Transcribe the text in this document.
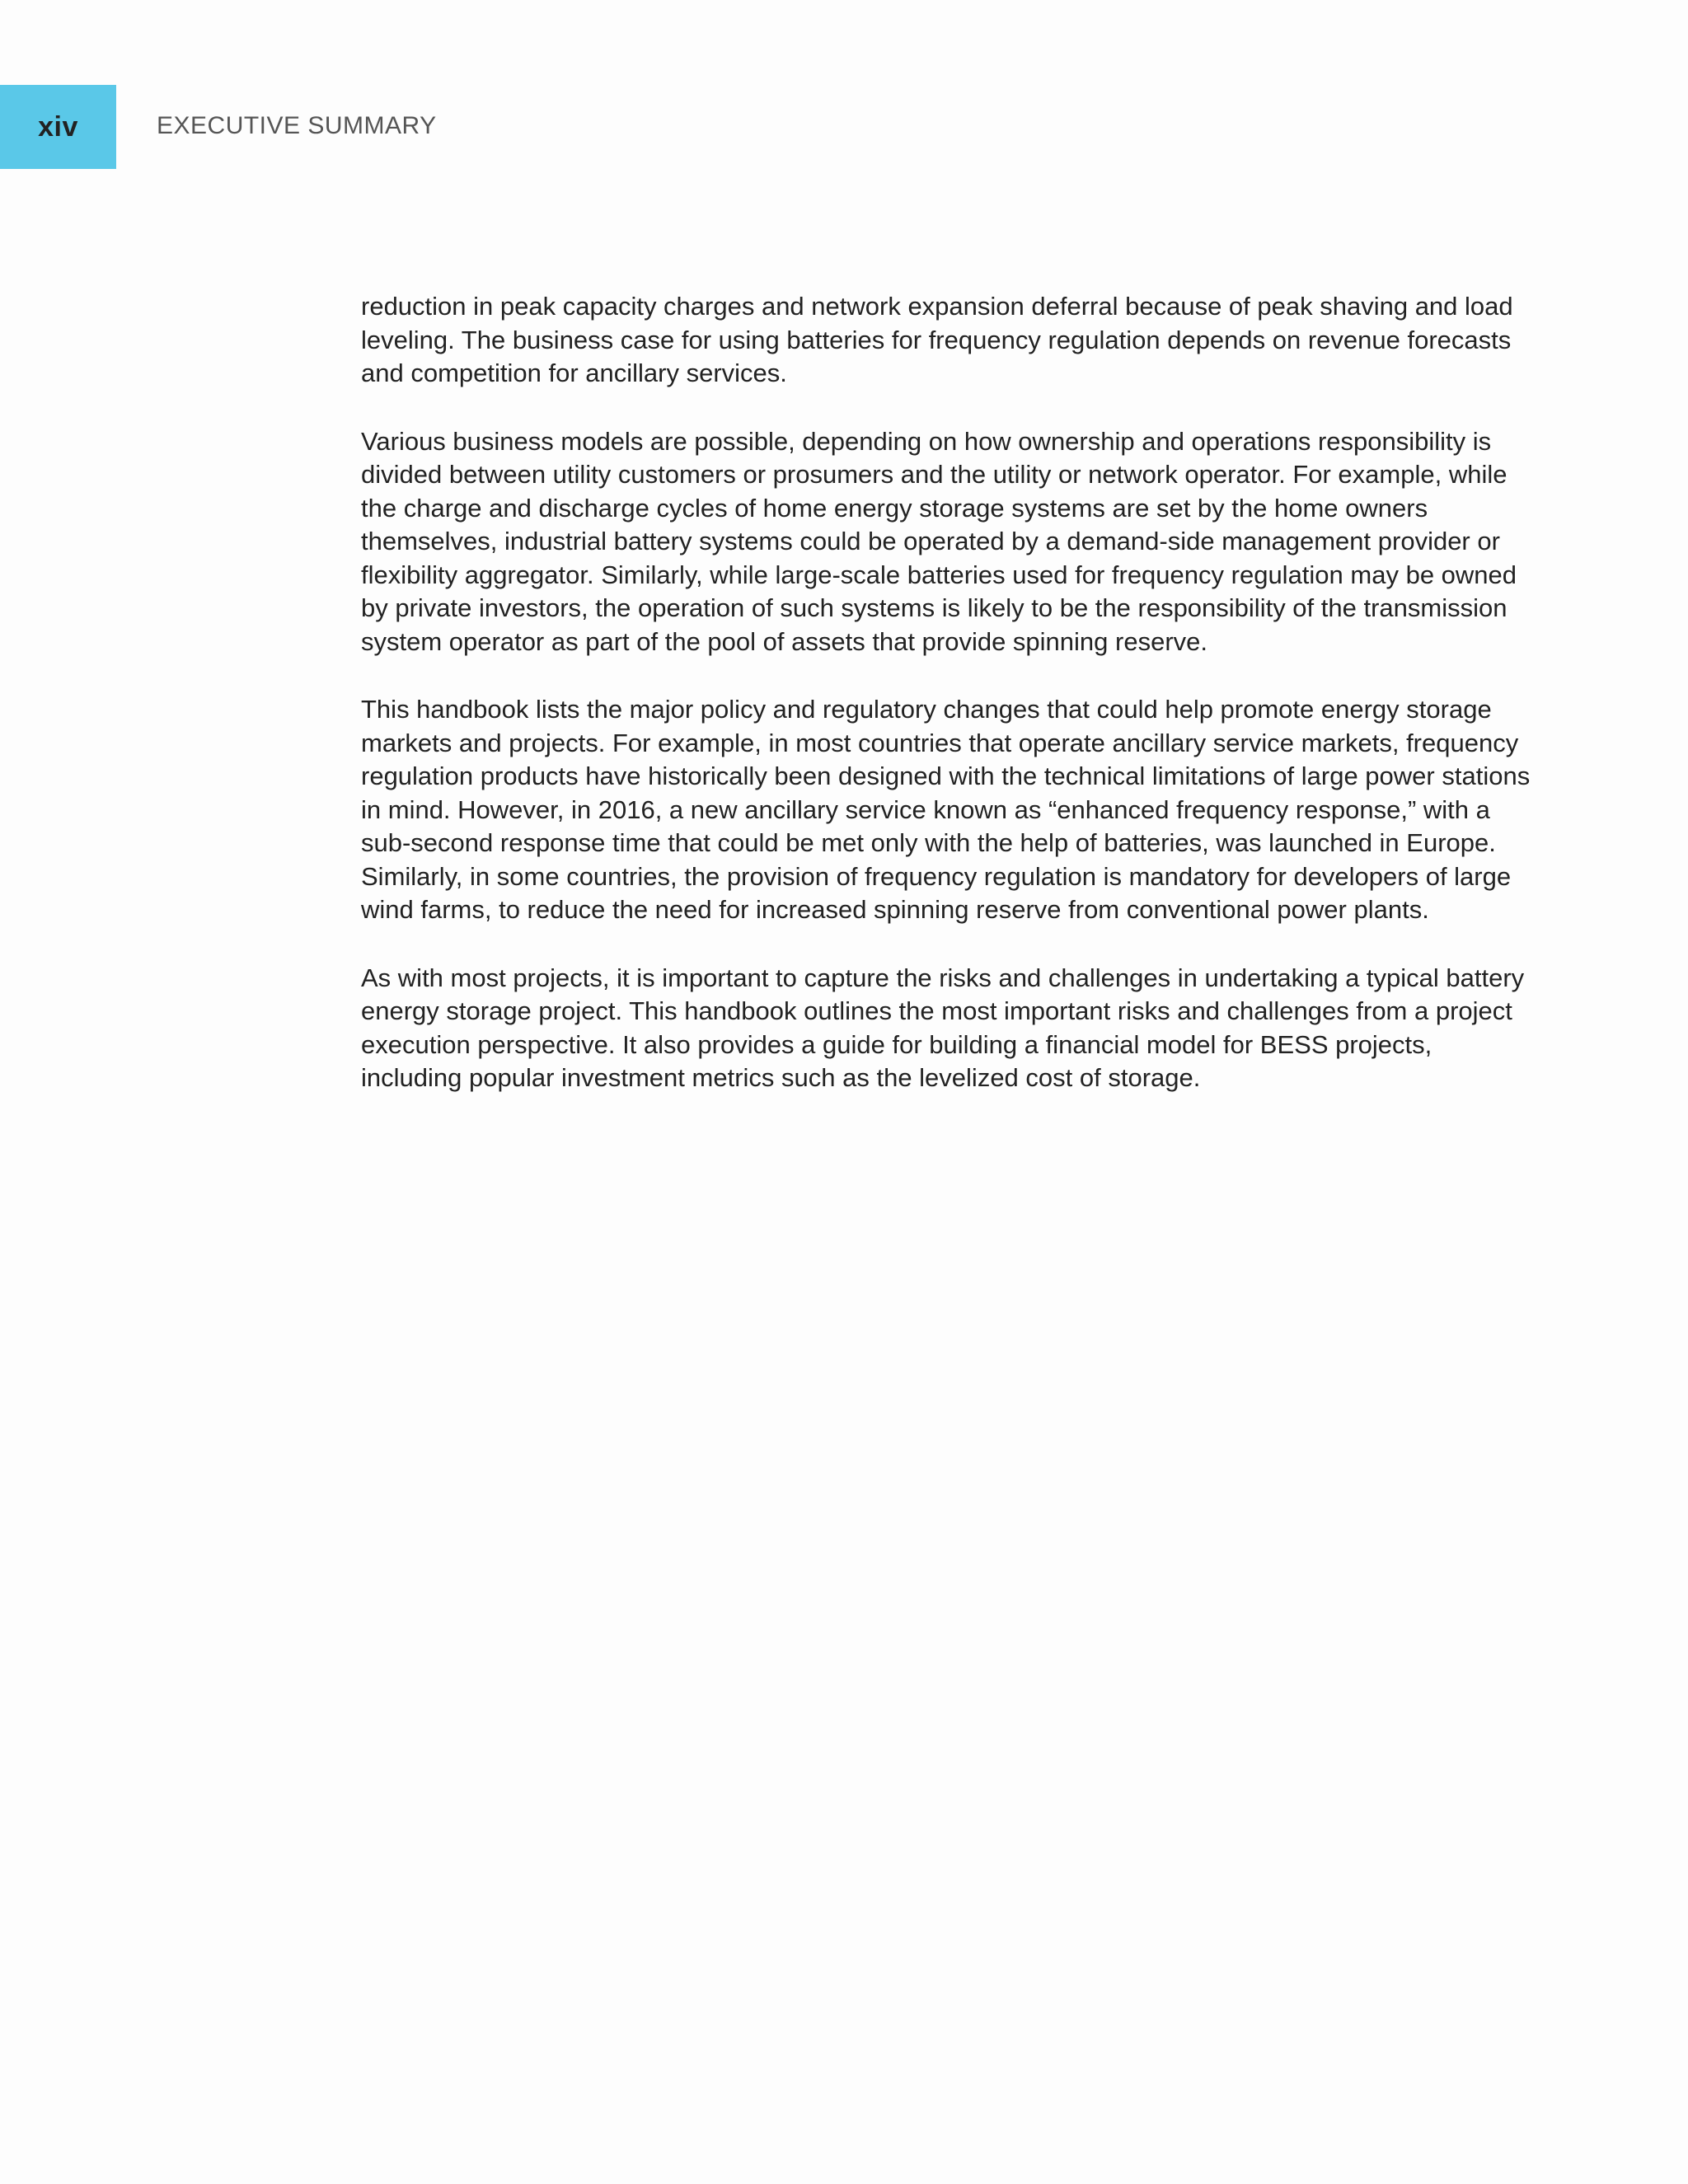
xiv	EXECUTIVE SUMMARY

reduction in peak capacity charges and network expansion deferral because of peak shaving and load leveling. The business case for using batteries for frequency regulation depends on revenue forecasts and competition for ancillary services.

Various business models are possible, depending on how ownership and operations responsibility is divided between utility customers or prosumers and the utility or network operator. For example, while the charge and discharge cycles of home energy storage systems are set by the home owners themselves, industrial battery systems could be operated by a demand-side management provider or flexibility aggregator. Similarly, while large-scale batteries used for frequency regulation may be owned by private investors, the operation of such systems is likely to be the responsibility of the transmission system operator as part of the pool of assets that provide spinning reserve.

This handbook lists the major policy and regulatory changes that could help promote energy storage markets and projects. For example, in most countries that operate ancillary service markets, frequency regulation products have historically been designed with the technical limitations of large power stations in mind. However, in 2016, a new ancillary service known as “enhanced frequency response,” with a sub-second response time that could be met only with the help of batteries, was launched in Europe. Similarly, in some countries, the provision of frequency regulation is mandatory for developers of large wind farms, to reduce the need for increased spinning reserve from conventional power plants.

As with most projects, it is important to capture the risks and challenges in undertaking a typical battery energy storage project. This handbook outlines the most important risks and challenges from a project execution perspective. It also provides a guide for building a financial model for BESS projects, including popular investment metrics such as the levelized cost of storage.
